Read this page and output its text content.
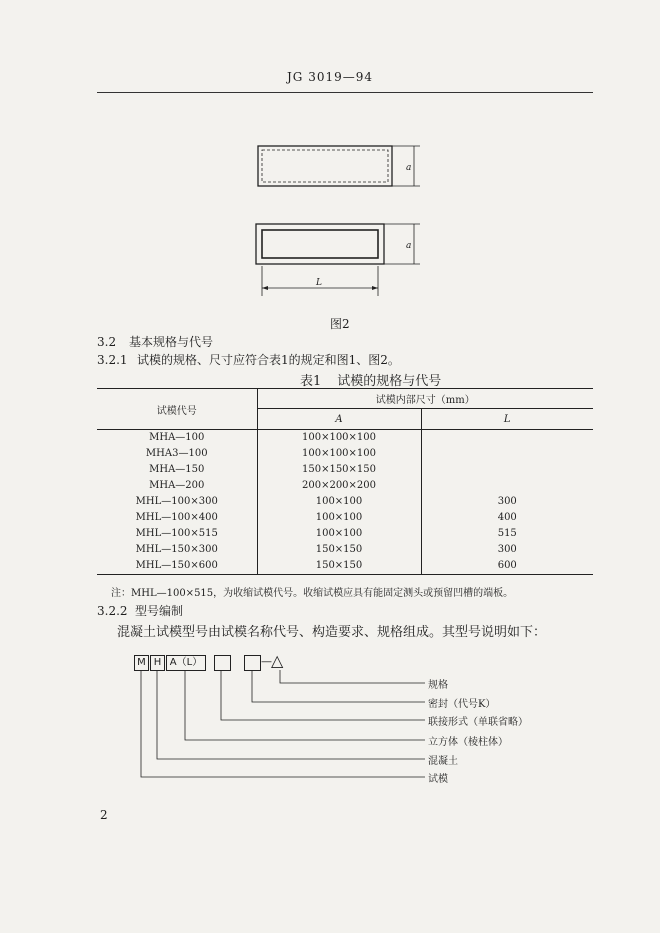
JG 3019—94
a
a
L
图2
3.2 基本规格与代号
3.2.1 试模的规格、尺寸应符合表1的规定和图1、图2。
表1 试模的规格与代号
试模代号	试模内部尺寸（mm）	
	A	L
MHA—100	100×100×100	
MHA3—100	100×100×100	
MHA—150	150×150×150	
MHA—200	200×200×200	
MHL—100×300	100×100	300
MHL—100×400	100×100	400
MHL—100×515	100×100	515
MHL—150×300	150×150	300
MHL—150×600	150×150	600
注：MHL—100×515，为收缩试模代号。收缩试模应具有能固定测头或预留凹槽的端板。
3.2.2 型号编制
混凝土试模型号由试模名称代号、构造要求、规格组成。其型号说明如下：
M H A（L）	— △
规格
密封（代号K）
联接形式（单联省略）
立方体（棱柱体）
混凝土
试模
2
